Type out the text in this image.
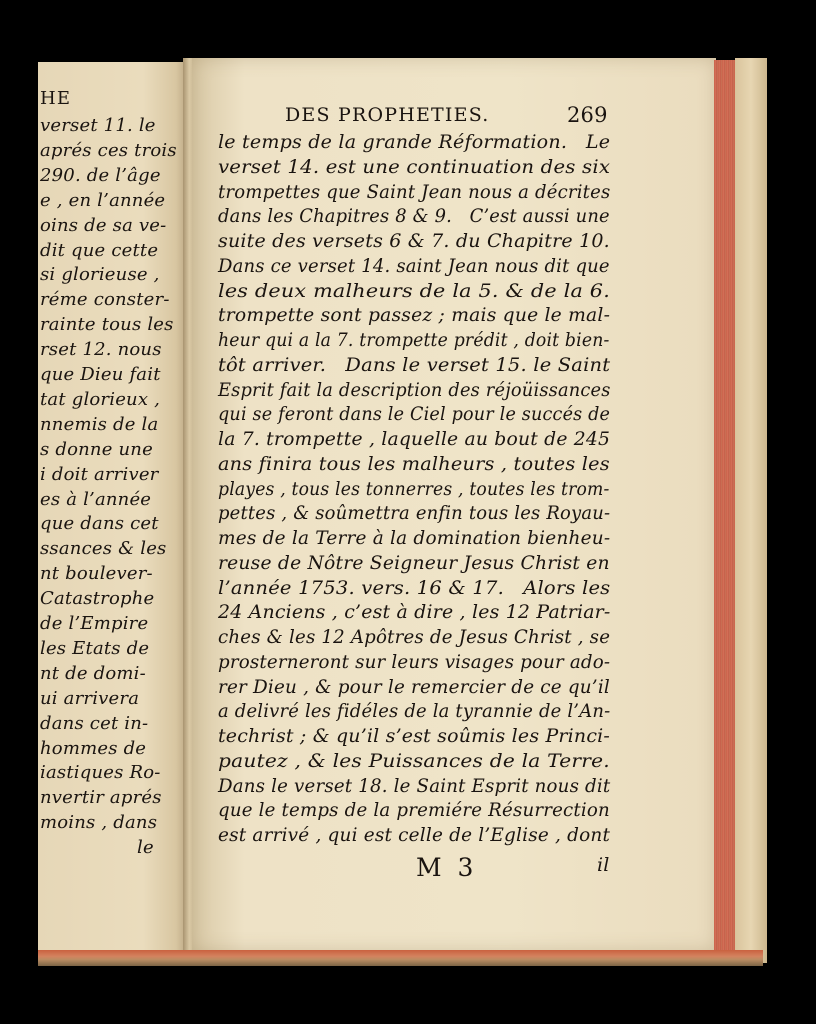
HE
verset 11. le
aprés ces trois
290. de l’âge
e , en l’année
oins de sa ve-
dit que cette
si glorieuse ,
réme conster-
rainte tous les
rset 12. nous
que Dieu fait
tat glorieux ,
nnemis de la
s donne une
i doit arriver
es à l’année
que dans cet
ssances & les
nt boulever-
Catastrophe
de l’Empire
les Etats de
nt de domi-
ui arrivera
dans cet in-
hommes de
iastiques Ro-
nvertir aprés
moins , dans
le
DES PROPHETIES.	269
le temps de la grande Réformation.   Le
verset 14. est une continuation des six
trompettes que Saint Jean nous a décrites
dans les Chapitres 8 & 9.   C’est aussi une
suite des versets 6 & 7. du Chapitre 10.
Dans ce verset 14. saint Jean nous dit que
les deux malheurs de la 5. & de la 6.
trompette sont passez ; mais que le mal-
heur qui a la 7. trompette prédit , doit bien-
tôt arriver.   Dans le verset 15. le Saint
Esprit fait la description des réjoüissances
qui se feront dans le Ciel pour le succés de
la 7. trompette , laquelle au bout de 245
ans finira tous les malheurs , toutes les
playes , tous les tonnerres , toutes les trom-
pettes , & soûmettra enfin tous les Royau-
mes de la Terre à la domination bienheu-
reuse de Nôtre Seigneur Jesus Christ en
l’année 1753. vers. 16 & 17.   Alors les
24 Anciens , c’est à dire , les 12 Patriar-
ches & les 12 Apôtres de Jesus Christ , se
prosterneront sur leurs visages pour ado-
rer Dieu , & pour le remercier de ce qu’il
a delivré les fidéles de la tyrannie de l’An-
techrist ; & qu’il s’est soûmis les Princi-
pautez , & les Puissances de la Terre.
Dans le verset 18. le Saint Esprit nous dit
que le temps de la premiére Résurrection
est arrivé , qui est celle de l’Eglise , dont
M 3	il
